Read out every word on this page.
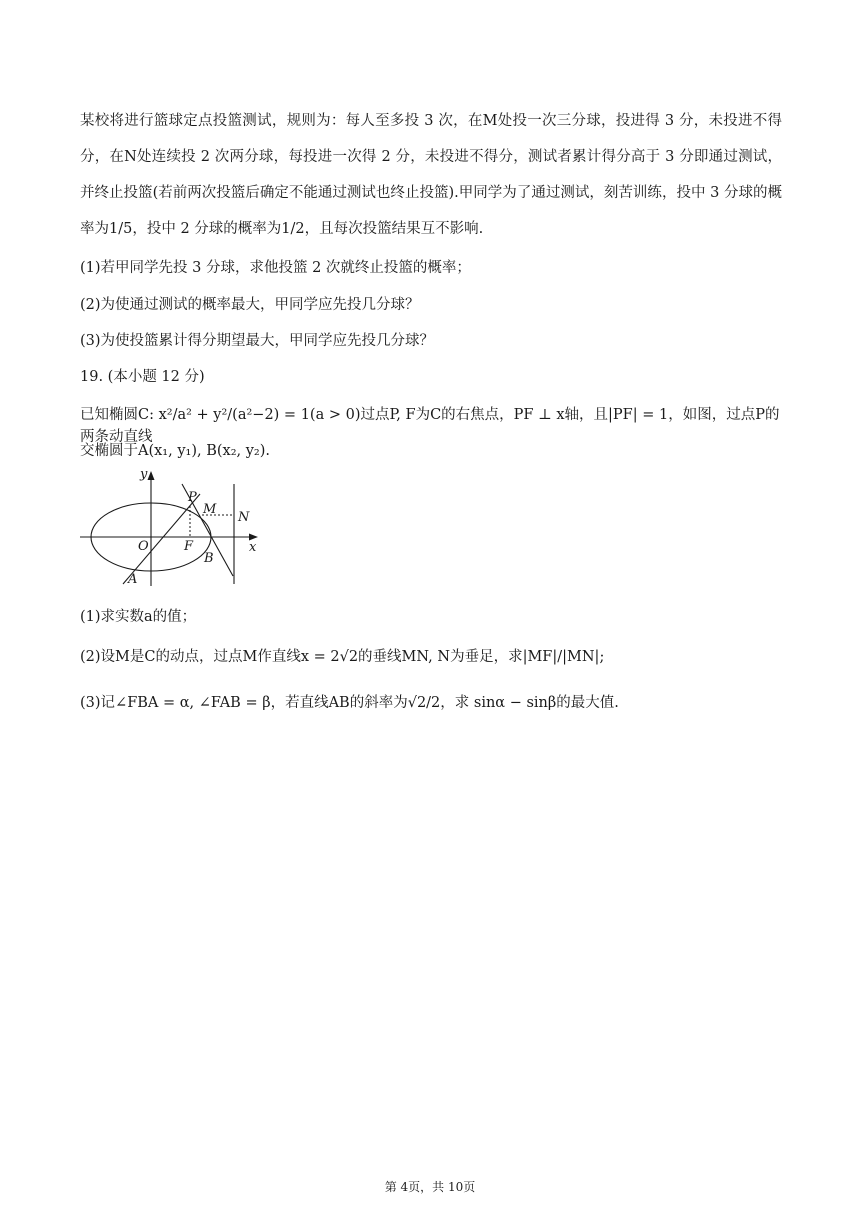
某校将进行篮球定点投篮测试，规则为：每人至多投 3 次，在M处投一次三分球，投进得 3 分，未投进不得分，在N处连续投 2 次两分球，每投进一次得 2 分，未投进不得分，测试者累计得分高于 3 分即通过测试，并终止投篮(若前两次投篮后确定不能通过测试也终止投篮).甲同学为了通过测试，刻苦训练，投中 3 分球的概率为1/5，投中 2 分球的概率为1/2，且每次投篮结果互不影响.
(1)若甲同学先投 3 分球，求他投篮 2 次就终止投篮的概率；
(2)为使通过测试的概率最大，甲同学应先投几分球？
(3)为使投篮累计得分期望最大，甲同学应先投几分球？
19. (本小题 12 分)
已知椭圆C: x²/a² + y²/(a²−2) = 1(a > 0)过点P, F为C的右焦点，PF ⊥ x轴，且|PF| = 1，如图，过点P的两条动直线
交椭圆于A(x₁, y₁), B(x₂, y₂).
y
x
O	F
P
M
N
A
B
(1)求实数a的值；
(2)设M是C的动点，过点M作直线x = 2√2的垂线MN, N为垂足，求|MF|/|MN|;
(3)记∠FBA = α, ∠FAB = β，若直线AB的斜率为√2/2，求 sinα − sinβ的最大值.
第 4页，共 10页
